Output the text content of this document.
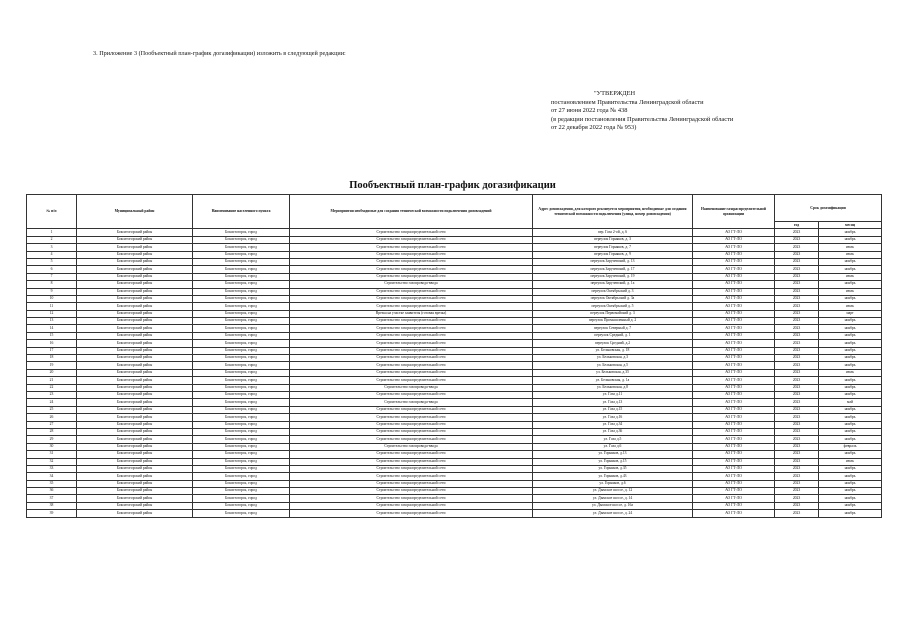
3. Приложение 3 (Пообъектный план-график догазификации) изложить в следующей редакции:
"УТВЕРЖДЕН
постановлением Правительства Ленинградской области
от 27 июня 2022 года № 438
(в редакции постановления Правительства Ленинградской области
от 22 декабря 2022 года № 953)
Пообъектный план-график догазификации
№ п/п	Муниципальный район	Наименование населенного пункта	Мероприятия необходимые для создания технической возможности подключения домовладений	Адрес домовладения, для которого реализуется мероприятия, необходимые для создания технической возможности подключения (улица, номер домовладения)	Наименование газораспределительной организации	Срок догазификации	
						год	месяц
1	Бокситогорский район	Бокситогорск, город	Строительство газораспределительной сети	пер. Газа 2-ой, д. 6	АО ГТ-ЛО	2023	ноябрь
2	Бокситогорский район	Бокситогорск, город	Строительство газораспределительной сети	переулок Горняков, д. 3	АО ГТ-ЛО	2023	ноябрь
3	Бокситогорский район	Бокситогорск, город	Строительство газораспределительной сети	переулок Горняков, д. 7	АО ГТ-ЛО	2023	июль
4	Бокситогорский район	Бокситогорск, город	Строительство газораспределительной сети	переулок Горняков, д. 9	АО ГТ-ЛО	2023	июль
5	Бокситогорский район	Бокситогорск, город	Строительство газораспределительной сети	переулок Заручевский, д. 13	АО ГТ-ЛО	2023	ноябрь
6	Бокситогорский район	Бокситогорск, город	Строительство газораспределительной сети	переулок Заручевский, д. 17	АО ГТ-ЛО	2023	ноябрь
7	Бокситогорский район	Бокситогорск, город	Строительство газораспределительной сети	переулок Заручевский, д. 19	АО ГТ-ЛО	2023	июль
8	Бокситогорский район	Бокситогорск, город	Строительство газопровода-ввода	переулок Заручевский, д. 1а	АО ГТ-ЛО	2023	ноябрь
9	Бокситогорский район	Бокситогорск, город	Строительство газораспределительной сети	переулок Октябрьский д. 3	АО ГТ-ЛО	2023	июль
10	Бокситогорский район	Бокситогорск, город	Строительство газораспределительной сети	переулок Октябрьский д. 3а	АО ГТ-ЛО	2023	ноябрь
11	Бокситогорский район	Бокситогорск, город	Строительство газораспределительной сети	переулок Октябрьский д. 5	АО ГТ-ЛО	2023	июль
12	Бокситогорский район	Бокситогорск, город	Врезка на участке заявителя (готовая врезка)	переулок Первомайский д. 3	АО ГТ-ЛО	2023	март
13	Бокситогорский район	Бокситогорск, город	Строительство газораспределительной сети	переулок Промышленный д. 2	АО ГТ-ЛО	2023	ноябрь
14	Бокситогорский район	Бокситогорск, город	Строительство газораспределительной сети	переулок Северный д. 7	АО ГТ-ЛО	2023	ноябрь
15	Бокситогорский район	Бокситогорск, город	Строительство газораспределительной сети	переулок Средний, д. 1	АО ГТ-ЛО	2023	ноябрь
16	Бокситогорский район	Бокситогорск, город	Строительство газораспределительной сети	переулок Средний, д.2	АО ГТ-ЛО	2023	ноябрь
17	Бокситогорский район	Бокситогорск, город	Строительство газораспределительной сети	ул. Бельковская, д. 18	АО ГТ-ЛО	2023	ноябрь
18	Бокситогорский район	Бокситогорск, город	Строительство газораспределительной сети	ул. Бельковская, д.3	АО ГТ-ЛО	2023	ноябрь
19	Бокситогорский район	Бокситогорск, город	Строительство газораспределительной сети	ул. Бельковская, д.5	АО ГТ-ЛО	2023	ноябрь
20	Бокситогорский район	Бокситогорск, город	Строительство газораспределительной сети	ул. Бельковская, д.35	АО ГТ-ЛО	2023	июль
21	Бокситогорский район	Бокситогорск, город	Строительство газораспределительной сети	ул. Бельковская, д. 1а	АО ГТ-ЛО	2023	ноябрь
22	Бокситогорский район	Бокситогорск, город	Строительство газопровода-ввода	ул. Бельковская, д.8	АО ГТ-ЛО	2023	ноябрь
23	Бокситогорский район	Бокситогорск, город	Строительство газораспределительной сети	ул. Газа д.11	АО ГТ-ЛО	2023	ноябрь
24	Бокситогорский район	Бокситогорск, город	Строительство газопровода-ввода	ул. Газа д.13	АО ГТ-ЛО	2023	май
25	Бокситогорский район	Бокситогорск, город	Строительство газораспределительной сети	ул. Газа д.15	АО ГТ-ЛО	2023	ноябрь
26	Бокситогорский район	Бокситогорск, город	Строительство газораспределительной сети	ул. Газа д.16	АО ГТ-ЛО	2023	ноябрь
27	Бокситогорский район	Бокситогорск, город	Строительство газораспределительной сети	ул. Газа д.34	АО ГТ-ЛО	2023	ноябрь
28	Бокситогорский район	Бокситогорск, город	Строительство газораспределительной сети	ул. Газа д.36	АО ГТ-ЛО	2023	ноябрь
29	Бокситогорский район	Бокситогорск, город	Строительство газораспределительной сети	ул. Газа д.5	АО ГТ-ЛО	2023	ноябрь
30	Бокситогорский район	Бокситогорск, город	Строительство газопровода-ввода	ул. Газа д.6	АО ГТ-ЛО	2023	февраль
31	Бокситогорский район	Бокситогорск, город	Строительство газораспределительной сети	ул. Горняков, д.13	АО ГТ-ЛО	2023	ноябрь
32	Бокситогорский район	Бокситогорск, город	Строительство газораспределительной сети	ул. Горняков, д.15	АО ГТ-ЛО	2023	июль
33	Бокситогорский район	Бокситогорск, город	Строительство газораспределительной сети	ул. Горняков, д.35	АО ГТ-ЛО	2023	ноябрь
34	Бокситогорский район	Бокситогорск, город	Строительство газораспределительной сети	ул. Горняков, д.43	АО ГТ-ЛО	2023	ноябрь
35	Бокситогорский район	Бокситогорск, город	Строительство газораспределительной сети	ул. Горняков, д.6	АО ГТ-ЛО	2023	ноябрь
36	Бокситогорский район	Бокситогорск, город	Строительство газораспределительной сети	ул. Дымское шоссе, д. 12	АО ГТ-ЛО	2023	ноябрь
37	Бокситогорский район	Бокситогорск, город	Строительство газораспределительной сети	ул. Дымское шоссе, д. 14	АО ГТ-ЛО	2023	ноябрь
38	Бокситогорский район	Бокситогорск, город	Строительство газораспределительной сети	ул. Дымское шоссе, д. 16а	АО ГТ-ЛО	2023	ноябрь
39	Бокситогорский район	Бокситогорск, город	Строительство газораспределительной сети	ул. Дымское шоссе, д. 24	АО ГТ-ЛО	2023	ноябрь
